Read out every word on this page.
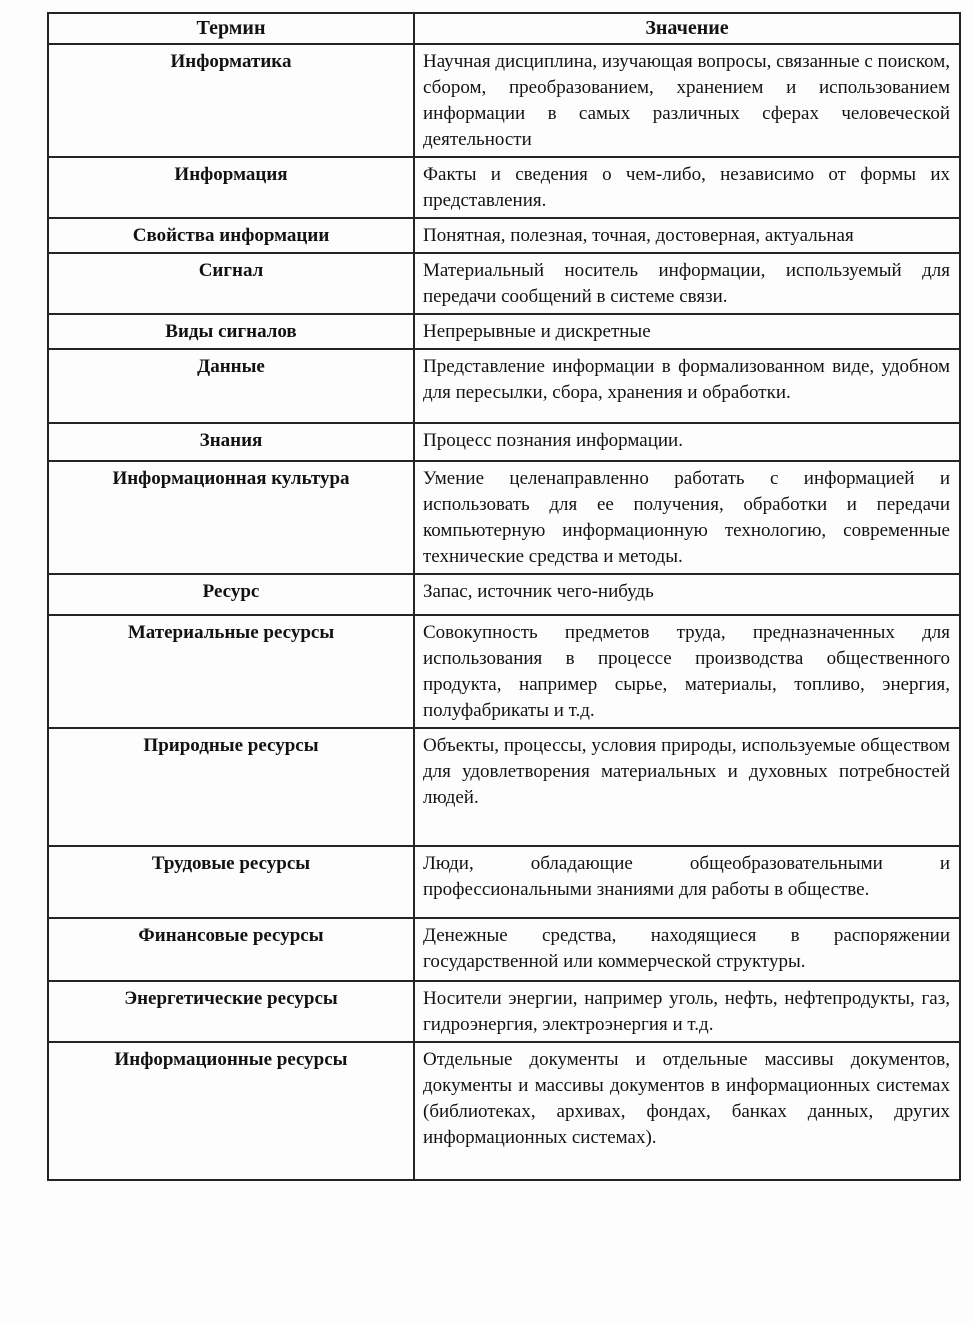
Термин	Значение
Информатика	Научная дисциплина, изучающая вопросы, связанные с поиском, сбором, преобразованием, хранением и использованием информации в самых различных сферах человеческой деятельности
Информация	Факты и сведения о чем-либо, независимо от формы их представления.
Свойства информации	Понятная, полезная, точная, достоверная, актуальная
Сигнал	Материальный носитель информации, используемый для передачи сообщений в системе связи.
Виды сигналов	Непрерывные и дискретные
Данные	Представление информации в формализованном виде, удобном для пересылки, сбора, хранения и обработки.
Знания	Процесс познания информации.
Информационная культура	Умение целенаправленно работать с информацией и использовать для ее получения, обработки и передачи компьютерную информационную технологию, современные технические средства и методы.
Ресурс	Запас, источник чего-нибудь
Материальные ресурсы	Совокупность предметов труда, предназначенных для использования в процессе производства общественного продукта, например сырье, материалы, топливо, энергия, полуфабрикаты и т.д.
Природные ресурсы	Объекты, процессы, условия природы, используемые обществом для удовлетворения материальных и духовных потребностей людей.
Трудовые ресурсы	Люди, обладающие общеобразовательными и профессиональными знаниями для работы в обществе.
Финансовые ресурсы	Денежные средства, находящиеся в распоряжении государственной или коммерческой структуры.
Энергетические ресурсы	Носители энергии, например уголь, нефть, нефтепродукты, газ, гидроэнергия, электроэнергия и т.д.
Информационные ресурсы	Отдельные документы и отдельные массивы документов, документы и массивы документов в информационных системах (библиотеках, архивах, фондах, банках данных, других информационных системах).
